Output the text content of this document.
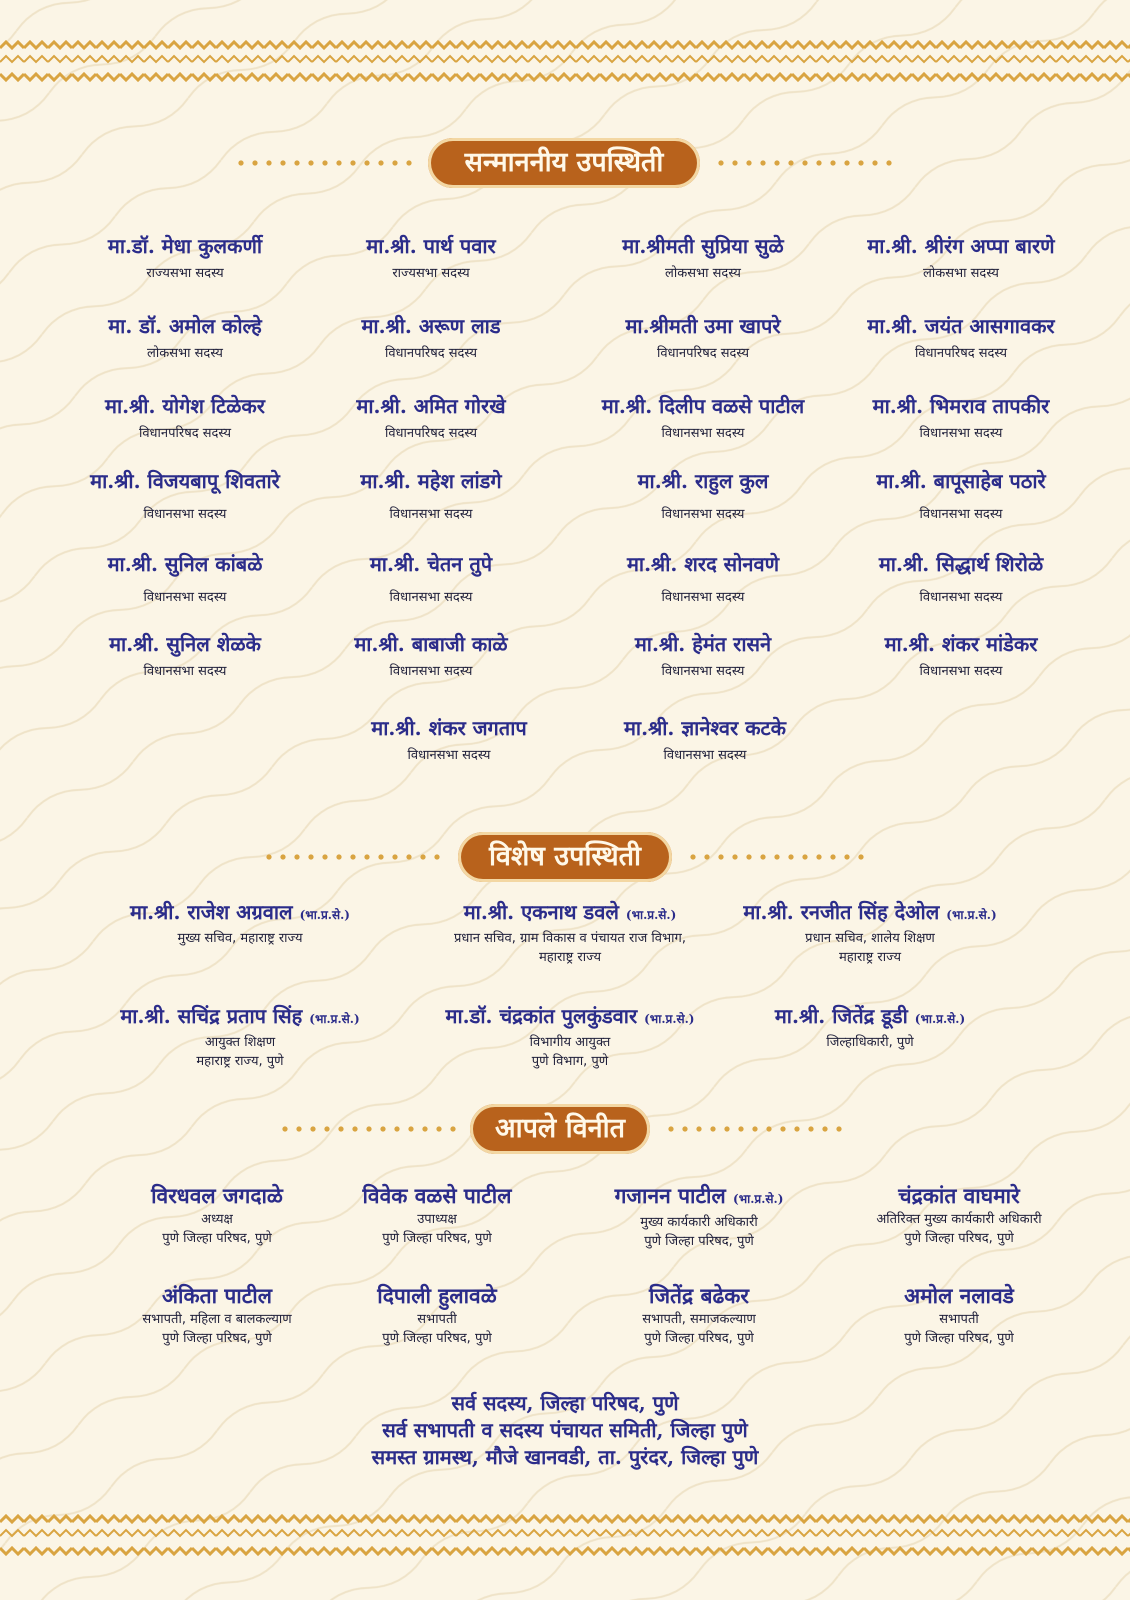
सन्माननीय उपस्थिती
मा.डॉ. मेधा कुलकर्णी
राज्यसभा सदस्य
मा.श्री. पार्थ पवार
राज्यसभा सदस्य
मा.श्रीमती सुप्रिया सुळे
लोकसभा सदस्य
मा.श्री. श्रीरंग अप्पा बारणे
लोकसभा सदस्य
मा. डॉ. अमोल कोल्हे
लोकसभा सदस्य
मा.श्री. अरूण लाड
विधानपरिषद सदस्य
मा.श्रीमती उमा खापरे
विधानपरिषद सदस्य
मा.श्री. जयंत आसगावकर
विधानपरिषद सदस्य
मा.श्री. योगेश टिळेकर
विधानपरिषद सदस्य
मा.श्री. अमित गोरखे
विधानपरिषद सदस्य
मा.श्री. दिलीप वळसे पाटील
विधानसभा सदस्य
मा.श्री. भिमराव तापकीर
विधानसभा सदस्य
मा.श्री. विजयबापू शिवतारे
विधानसभा सदस्य
मा.श्री. महेश लांडगे
विधानसभा सदस्य
मा.श्री. राहुल कुल
विधानसभा सदस्य
मा.श्री. बापूसाहेब पठारे
विधानसभा सदस्य
मा.श्री. सुनिल कांबळे
विधानसभा सदस्य
मा.श्री. चेतन तुपे
विधानसभा सदस्य
मा.श्री. शरद सोनवणे
विधानसभा सदस्य
मा.श्री. सिद्धार्थ शिरोळे
विधानसभा सदस्य
मा.श्री. सुनिल शेळके
विधानसभा सदस्य
मा.श्री. बाबाजी काळे
विधानसभा सदस्य
मा.श्री. हेमंत रासने
विधानसभा सदस्य
मा.श्री. शंकर मांडेकर
विधानसभा सदस्य
मा.श्री. शंकर जगताप
विधानसभा सदस्य
मा.श्री. ज्ञानेश्वर कटके
विधानसभा सदस्य
विशेष उपस्थिती
मा.श्री. राजेश अग्रवाल (भा.प्र.से.)
मुख्य सचिव, महाराष्ट्र राज्य
मा.श्री. एकनाथ डवले (भा.प्र.से.)
प्रधान सचिव, ग्राम विकास व पंचायत राज विभाग,
महाराष्ट्र राज्य
मा.श्री. रनजीत सिंह देओल (भा.प्र.से.)
प्रधान सचिव, शालेय शिक्षण
महाराष्ट्र राज्य
मा.श्री. सचिंद्र प्रताप सिंह (भा.प्र.से.)
आयुक्त शिक्षण
महाराष्ट्र राज्य, पुणे
मा.डॉ. चंद्रकांत पुलकुंडवार (भा.प्र.से.)
विभागीय आयुक्त
पुणे विभाग, पुणे
मा.श्री. जितेंद्र डूडी (भा.प्र.से.)
जिल्हाधिकारी, पुणे
आपले विनीत
विरधवल जगदाळे
अध्यक्ष
पुणे जिल्हा परिषद, पुणे
विवेक वळसे पाटील
उपाध्यक्ष
पुणे जिल्हा परिषद, पुणे
गजानन पाटील (भा.प्र.से.)
मुख्य कार्यकारी अधिकारी
पुणे जिल्हा परिषद, पुणे
चंद्रकांत वाघमारे
अतिरिक्त मुख्य कार्यकारी अधिकारी
पुणे जिल्हा परिषद, पुणे
अंकिता पाटील
सभापती, महिला व बालकल्याण
पुणे जिल्हा परिषद, पुणे
दिपाली हुलावळे
सभापती
पुणे जिल्हा परिषद, पुणे
जितेंद्र बढेकर
सभापती, समाजकल्याण
पुणे जिल्हा परिषद, पुणे
अमोल नलावडे
सभापती
पुणे जिल्हा परिषद, पुणे
सर्व सदस्य, जिल्हा परिषद, पुणे
सर्व सभापती व सदस्य पंचायत समिती, जिल्हा पुणे
समस्त ग्रामस्थ, मौजे खानवडी, ता. पुरंदर, जिल्हा पुणे
